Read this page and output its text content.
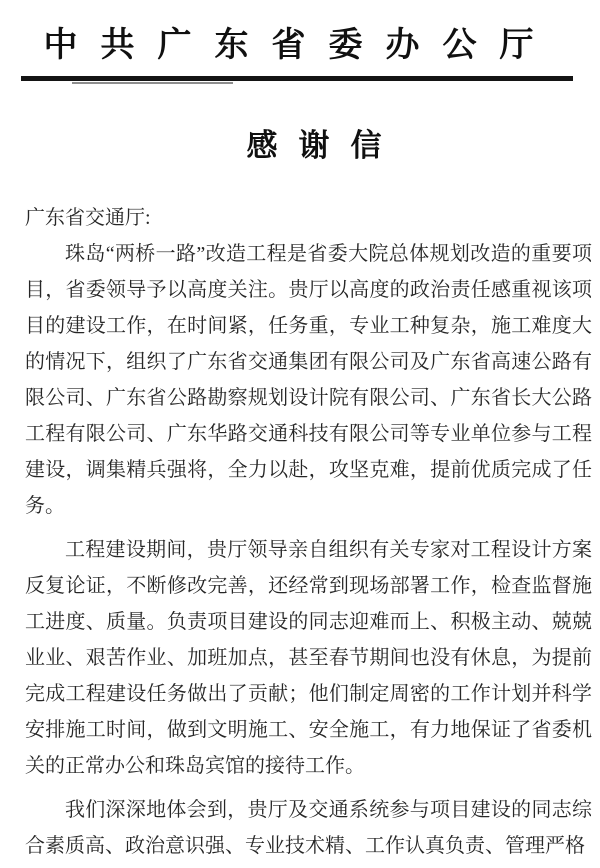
中共广东省委办公厅
感谢信
广东省交通厅:

珠岛“两桥一路”改造工程是省委大院总体规划改造的重要项目，省委领导予以高度关注。贵厅以高度的政治责任感重视该项目的建设工作，在时间紧，任务重，专业工种复杂，施工难度大的情况下，组织了广东省交通集团有限公司及广东省高速公路有限公司、广东省公路勘察规划设计院有限公司、广东省长大公路工程有限公司、广东华路交通科技有限公司等专业单位参与工程建设，调集精兵强将，全力以赴，攻坚克难，提前优质完成了任务。

工程建设期间，贵厅领导亲自组织有关专家对工程设计方案反复论证，不断修改完善，还经常到现场部署工作，检查监督施工进度、质量。负责项目建设的同志迎难而上、积极主动、兢兢业业、艰苦作业、加班加点，甚至春节期间也没有休息，为提前完成工程建设任务做出了贡献；他们制定周密的工作计划并科学安排施工时间，做到文明施工、安全施工，有力地保证了省委机关的正常办公和珠岛宾馆的接待工作。

我们深深地体会到，贵厅及交通系统参与项目建设的同志综合素质高、政治意识强、专业技术精、工作认真负责、管理严格
